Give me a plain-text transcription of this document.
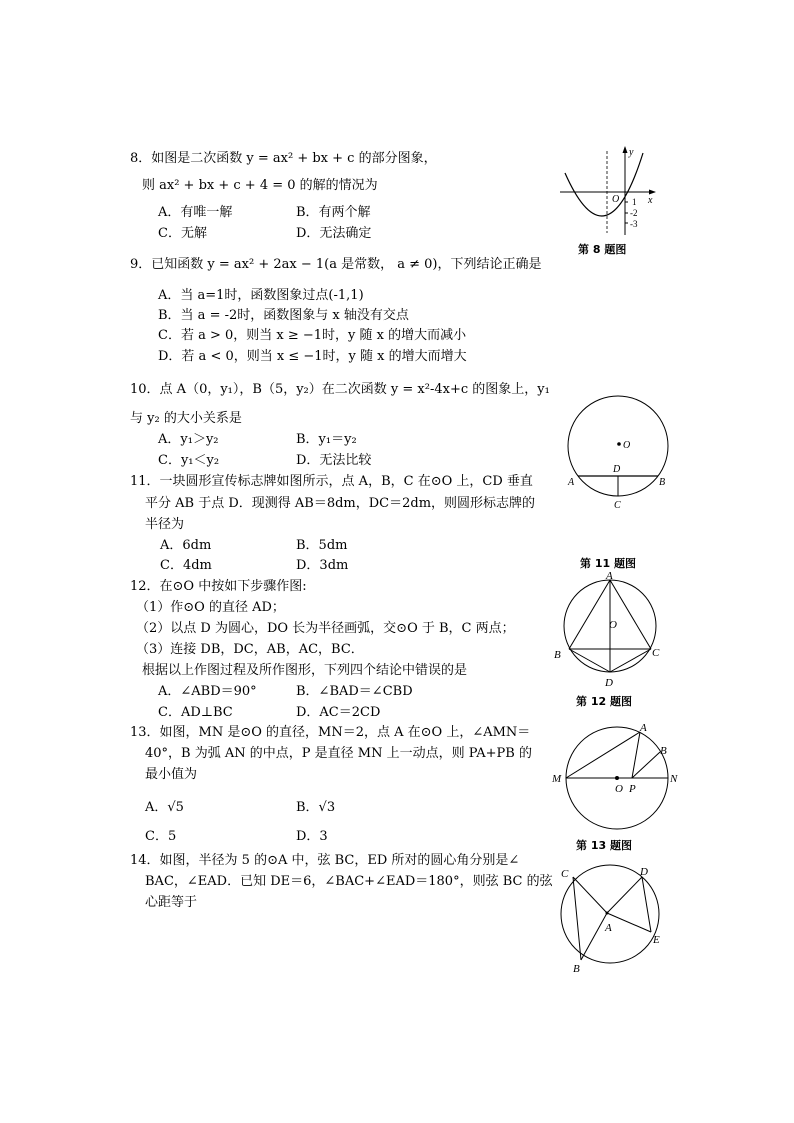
8．如图是二次函数 y = ax² + bx + c 的部分图象，
则 ax² + bx + c + 4 = 0 的解的情况为
A．有唯一解	B．有两个解
C．无解	D．无法确定
y
x
O 1
-2
-3
第 8 题图
9．已知函数 y = ax² + 2ax − 1(a 是常数， a ≠ 0)，下列结论正确是
A．当 a=1时，函数图象过点(-1,1)
B．当 a = -2时，函数图象与 x 轴没有交点
C．若 a > 0，则当 x ≥ −1时，y 随 x 的增大而减小
D．若 a < 0，则当 x ≤ −1时，y 随 x 的增大而增大
10．点 A（0，y₁），B（5，y₂）在二次函数 y = x²-4x+c 的图象上，y₁
与 y₂ 的大小关系是
A．y₁＞y₂	B．y₁＝y₂
C．y₁＜y₂	D．无法比较
O
D
A	B
C
11．一块圆形宣传标志牌如图所示，点 A，B，C 在⊙O 上，CD 垂直
平分 AB 于点 D．现测得 AB＝8dm，DC＝2dm，则圆形标志牌的
半径为
A．6dm	B．5dm
C．4dm	D．3dm	第 11 题图
12．在⊙O 中按如下步骤作图:
（1）作⊙O 的直径 AD；
（2）以点 D 为圆心，DO 长为半径画弧，交⊙O 于 B，C 两点；
（3）连接 DB，DC，AB，AC，BC．
根据以上作图过程及所作图形，下列四个结论中错误的是
A．∠ABD＝90°	B．∠BAD＝∠CBD
C．AD⊥BC	D．AC＝2CD
A
O
B	C
D
第 12 题图
13．如图，MN 是⊙O 的直径，MN＝2，点 A 在⊙O 上，∠AMN＝
40°，B 为弧 AN 的中点，P 是直径 MN 上一动点，则 PA+PB 的
最小值为
A．√5	B．√3
C．5	D．3
M	N
A
B
O P
第 13 题图
14．如图，半径为 5 的⊙A 中，弦 BC，ED 所对的圆心角分别是∠
BAC，∠EAD．已知 DE＝6，∠BAC+∠EAD＝180°，则弦 BC 的弦
心距等于
C	D
A
E
B
